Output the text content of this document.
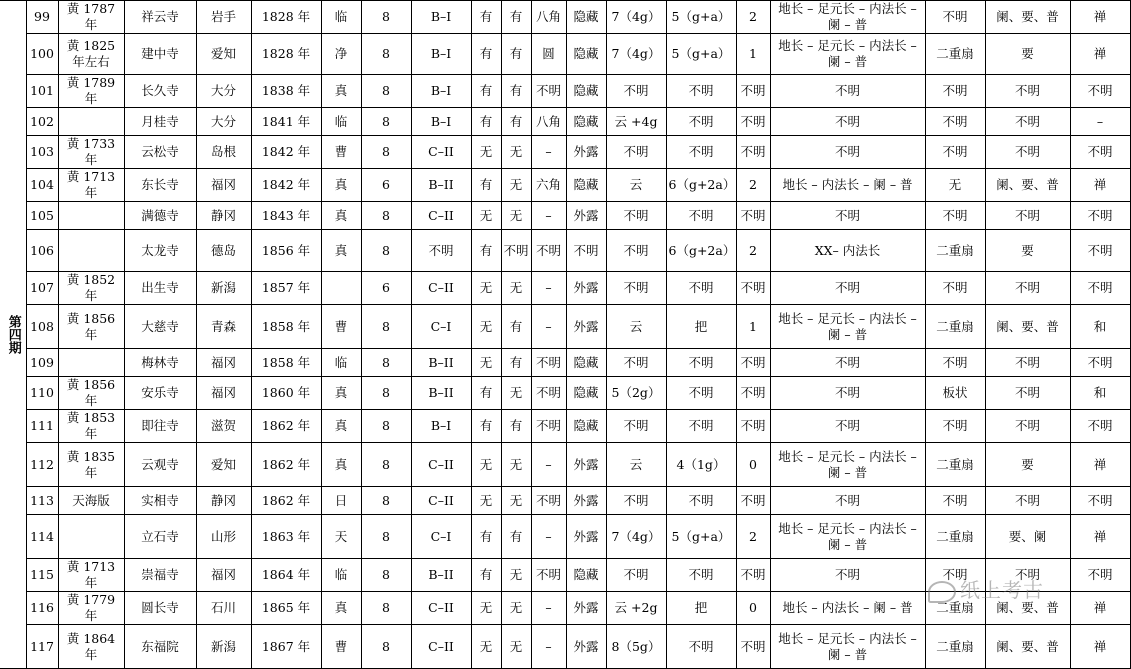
第四期	99	黄 1787 年	祥云寺	岩手	1828 年	临	8	B–I	有	有	八角	隐藏	7（4g）	5（g+a）	2	地长 – 足元长 – 内法长 – 阑 – 普	不明	阑、要、普	禅
	100	黄 1825 年左右	建中寺	爱知	1828 年	净	8	B–I	有	有	圆	隐藏	7（4g）	5（g+a）	1	地长 – 足元长 – 内法长 – 阑 – 普	二重扇	要	禅
	101	黄 1789 年	长久寺	大分	1838 年	真	8	B–I	有	有	不明	隐藏	不明	不明	不明	不明	不明	不明	不明
	102		月桂寺	大分	1841 年	临	8	B–I	有	有	八角	隐藏	云 +4g	不明	不明	不明	不明	不明	–
	103	黄 1733 年	云松寺	岛根	1842 年	曹	8	C–II	无	无	–	外露	不明	不明	不明	不明	不明	不明	不明
	104	黄 1713 年	东长寺	福冈	1842 年	真	6	B–II	有	无	六角	隐藏	云	6（g+2a）	2	地长 – 内法长 – 阑 – 普	无	阑、要、普	禅
	105		满德寺	静冈	1843 年	真	8	C–II	无	无	–	外露	不明	不明	不明	不明	不明	不明	不明
	106		太龙寺	德岛	1856 年	真	8	不明	有	不明	不明	不明	不明	6（g+2a）	2	XX– 内法长	二重扇	要	不明
	107	黄 1852 年	出生寺	新潟	1857 年		6	C–II	无	无	–	外露	不明	不明	不明	不明	不明	不明	不明
	108	黄 1856 年	大慈寺	青森	1858 年	曹	8	C–I	无	有	–	外露	云	把	1	地长 – 足元长 – 内法长 – 阑 – 普	二重扇	阑、要、普	和
	109		梅林寺	福冈	1858 年	临	8	B–II	无	有	不明	隐藏	不明	不明	不明	不明	不明	不明	不明
	110	黄 1856 年	安乐寺	福冈	1860 年	真	8	B–II	有	无	不明	隐藏	5（2g）	不明	不明	不明	板状	不明	和
	111	黄 1853 年	即往寺	滋贺	1862 年	真	8	B–I	有	有	不明	隐藏	不明	不明	不明	不明	不明	不明	不明
	112	黄 1835 年	云观寺	爱知	1862 年	真	8	C–II	无	无	–	外露	云	4（1g）	0	地长 – 足元长 – 内法长 – 阑 – 普	二重扇	要	禅
	113	天海版	实相寺	静冈	1862 年	日	8	C–II	无	无	不明	外露	不明	不明	不明	不明	不明	不明	不明
	114		立石寺	山形	1863 年	天	8	C–I	有	有	–	外露	7（4g）	5（g+a）	2	地长 – 足元长 – 内法长 – 阑 – 普	二重扇	要、阑	禅
	115	黄 1713 年	崇福寺	福冈	1864 年	临	8	B–II	有	无	不明	隐藏	不明	不明	不明	不明	不明	不明	不明
	116	黄 1779 年	圆长寺	石川	1865 年	真	8	C–II	无	无	–	外露	云 +2g	把	0	地长 – 内法长 – 阑 – 普	二重扇	阑、要、普	禅
	117	黄 1864 年	东福院	新潟	1867 年	曹	8	C–II	无	无	–	外露	8（5g）	不明	不明	地长 – 足元长 – 内法长 – 阑 – 普	二重扇	阑、要、普	禅
纸上考古
